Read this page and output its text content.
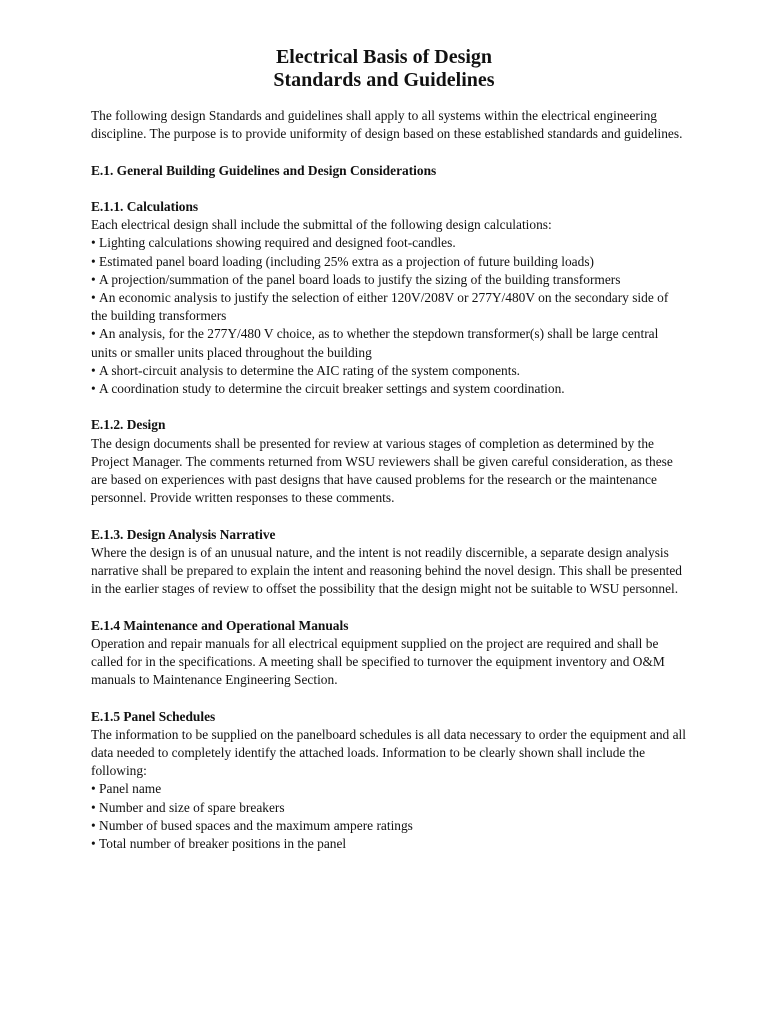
Electrical Basis of Design
Standards and Guidelines

The following design Standards and guidelines shall apply to all systems within the electrical engineering discipline. The purpose is to provide uniformity of design based on these established standards and guidelines.

E.1. General Building Guidelines and Design Considerations

E.1.1. Calculations

Each electrical design shall include the submittal of the following design calculations:

• Lighting calculations showing required and designed foot-candles.

• Estimated panel board loading (including 25% extra as a projection of future building loads)

• A projection/summation of the panel board loads to justify the sizing of the building transformers

• An economic analysis to justify the selection of either 120V/208V or 277Y/480V on the secondary side of the building transformers

• An analysis, for the 277Y/480 V choice, as to whether the stepdown transformer(s) shall be large central units or smaller units placed throughout the building

• A short-circuit analysis to determine the AIC rating of the system components.

• A coordination study to determine the circuit breaker settings and system coordination.

E.1.2. Design

The design documents shall be presented for review at various stages of completion as determined by the Project Manager. The comments returned from WSU reviewers shall be given careful consideration, as these are based on experiences with past designs that have caused problems for the research or the maintenance personnel. Provide written responses to these comments.

E.1.3. Design Analysis Narrative

Where the design is of an unusual nature, and the intent is not readily discernible, a separate design analysis narrative shall be prepared to explain the intent and reasoning behind the novel design. This shall be presented in the earlier stages of review to offset the possibility that the design might not be suitable to WSU personnel.

E.1.4 Maintenance and Operational Manuals

Operation and repair manuals for all electrical equipment supplied on the project are required and shall be called for in the specifications. A meeting shall be specified to turnover the equipment inventory and O&M manuals to Maintenance Engineering Section.

E.1.5 Panel Schedules

The information to be supplied on the panelboard schedules is all data necessary to order the equipment and all data needed to completely identify the attached loads. Information to be clearly shown shall include the following:

• Panel name

• Number and size of spare breakers

• Number of bused spaces and the maximum ampere ratings

• Total number of breaker positions in the panel
